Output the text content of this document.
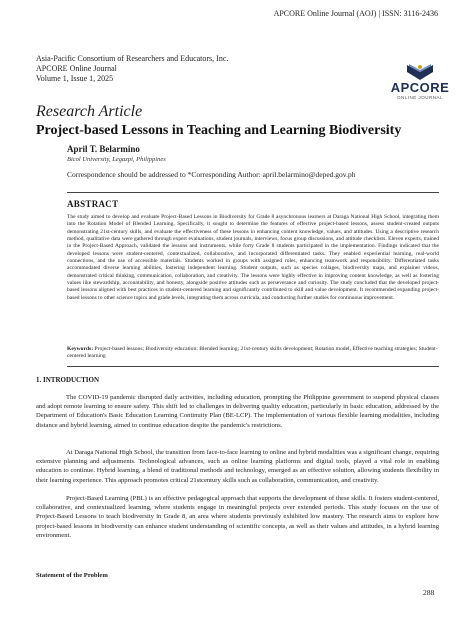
APCORE Online Journal (AOJ) | ISSN: 3116-2436
Asia-Pacific Consortium of Researchers and Educators, Inc.
APCORE Online Journal
Volume 1, Issue 1, 2025
APCORE
ONLINE JOURNAL
Research Article
Project-based Lessons in Teaching and Learning Biodiversity
April T. Belarmino
Bicol University, Legazpi, Philippines
Correspondence should be addressed to *Corresponding Author: april.belarmino@deped.gov.ph
ABSTRACT
The study aimed to develop and evaluate Project-Based Lessons in Biodiversity for Grade 8 asynchronous learners at Daraga National High School, integrating them into the Rotation Model of Blended Learning. Specifically, it sought to determine the features of effective project-based lessons, assess student-created outputs demonstrating 21st-century skills, and evaluate the effectiveness of these lessons in enhancing content knowledge, values, and attitudes. Using a descriptive research method, qualitative data were gathered through expert evaluations, student journals, interviews, focus group discussions, and attitude checklists. Eleven experts, trained in the Project-Based Approach, validated the lessons and instruments, while forty Grade 8 students participated in the implementation. Findings indicated that the developed lessons were student-centered, contextualized, collaborative, and incorporated differentiated tasks. They enabled experiential learning, real-world connections, and the use of accessible materials. Students worked in groups with assigned roles, enhancing teamwork and responsibility. Differentiated tasks accommodated diverse learning abilities, fostering independent learning. Student outputs, such as species collages, biodiversity maps, and explainer videos, demonstrated critical thinking, communication, collaboration, and creativity. The lessons were highly effective in improving content knowledge, as well as fostering values like stewardship, accountability, and honesty, alongside positive attitudes such as perseverance and curiosity. The study concluded that the developed project-based lessons aligned with best practices in student-centered learning and significantly contributed to skill and value development. It recommended expanding project-based lessons to other science topics and grade levels, integrating them across curricula, and conducting further studies for continuous improvement.
Keywords: Project-based lessons; Biodiversity education; Blended learning; 21st-century skills development; Rotation model, Effective teaching strategies; Student-centered learning
1. INTRODUCTION
The COVID-19 pandemic disrupted daily activities, including education, prompting the Philippine government to suspend physical classes and adopt remote learning to ensure safety. This shift led to challenges in delivering quality education, particularly in basic education, addressed by the Department of Education's Basic Education Learning Continuity Plan (BE-LCP). The implementation of various flexible learning modalities, including distance and hybrid learning, aimed to continue education despite the pandemic's restrictions.
At Daraga National High School, the transition from face-to-face learning to online and hybrid modalities was a significant change, requiring extensive planning and adjustments. Technological advances, such as online learning platforms and digital tools, played a vital role in enabling education to continue. Hybrid learning, a blend of traditional methods and technology, emerged as an effective solution, allowing students flexibility in their learning experience. This approach promotes critical 21stcentury skills such as collaboration, communication, and creativity.
Project-Based Learning (PBL) is an effective pedagogical approach that supports the development of these skills. It fosters student-centered, collaborative, and contextualized learning, where students engage in meaningful projects over extended periods. This study focuses on the use of Project-Based Lessons to teach biodiversity in Grade 8, an area where students previously exhibited low mastery. The research aims to explore how project-based lessons in biodiversity can enhance student understanding of scientific concepts, as well as their values and attitudes, in a hybrid learning environment.
Statement of the Problem
288
